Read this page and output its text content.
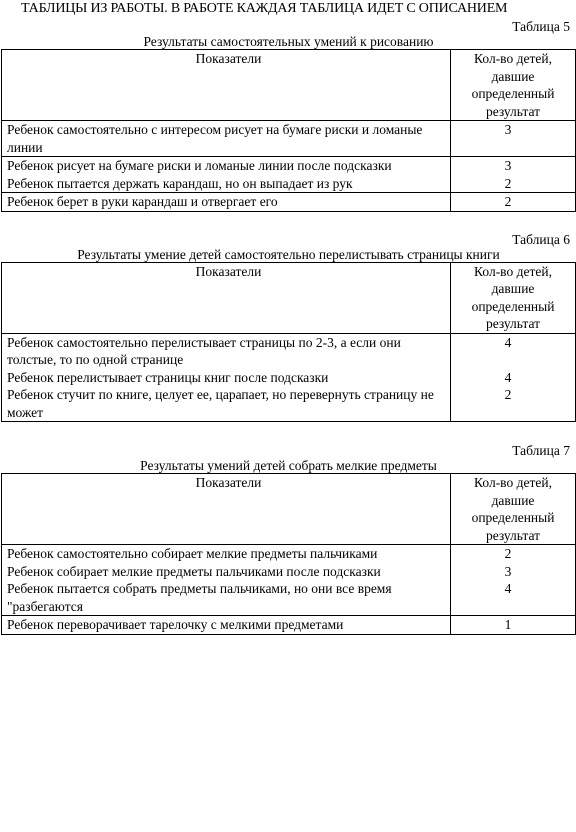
ТАБЛИЦЫ ИЗ РАБОТЫ. В РАБОТЕ КАЖДАЯ ТАБЛИЦА ИДЕТ С ОПИСАНИЕМ
Таблица 5
Результаты самостоятельных умений к рисованию
Показатели	Кол-во детей, давшие определенный результат
Ребенок самостоятельно с интересом рисует на бумаге риски и ломаные линии	3
Ребенок рисует на бумаге риски и ломаные линии после подсказки	3
Ребенок пытается держать карандаш, но он выпадает из рук	2
Ребенок берет в руки карандаш и отвергает его	2
Таблица 6
Результаты умение детей самостоятельно перелистывать страницы книги
Показатели	Кол-во детей, давшие определенный результат
Ребенок самостоятельно перелистывает страницы по 2-3, а если они толстые, то по одной странице	4
Ребенок перелистывает страницы книг после подсказки	4
Ребенок стучит по книге, целует ее, царапает, но перевернуть страницу не может	2
Таблица 7
Результаты умений детей собрать мелкие предметы
Показатели	Кол-во детей, давшие определенный результат
Ребенок самостоятельно собирает мелкие предметы пальчиками	2
Ребенок собирает мелкие предметы пальчиками после подсказки	3
Ребенок пытается собрать предметы пальчиками, но они все время "разбегаются	4
Ребенок переворачивает тарелочку с мелкими предметами	1
